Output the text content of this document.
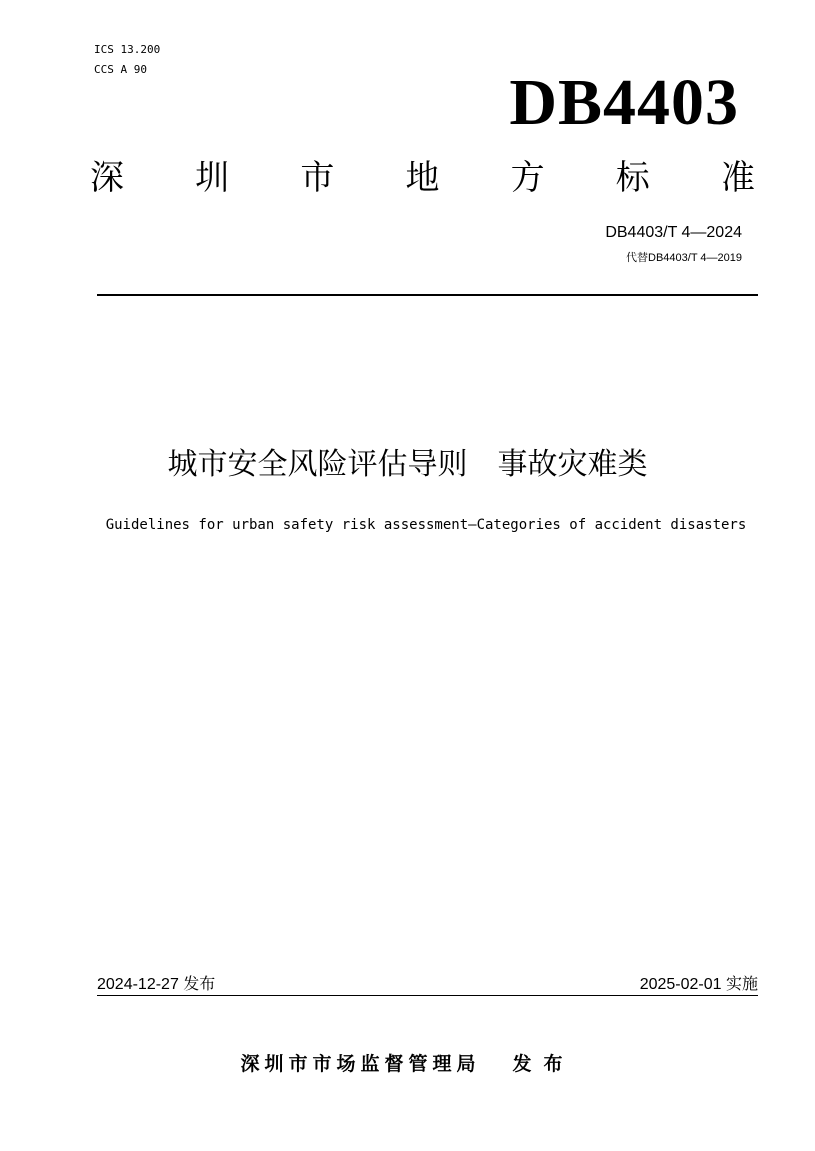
ICS 13.200
CCS A 90	DB4403
深 圳 市 地 方 标 准
DB4403/T 4—2024
代替DB4403/T 4—2019
城市安全风险评估导则　事故灾难类
Guidelines for urban safety risk assessment—Categories of accident disasters
2024-12-27 发布	2025-02-01 实施
深圳市市场监督管理局 发布
